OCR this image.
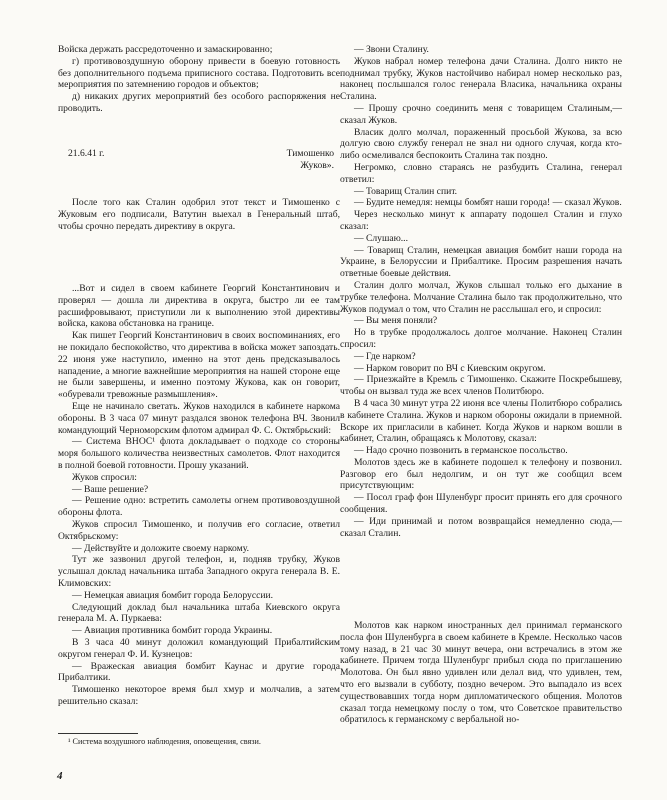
Войска держать рассредоточенно и замаскированно;

г) противовоздушную оборону привести в боевую готовность без дополнительного подъема приписного состава. Подготовить все мероприятия по затемнению городов и объектов;

д) никаких других мероприятий без особого распоряжения не проводить.

21.6.41 г.	Тимошенко
Жуков».

После того как Сталин одобрил этот текст и Тимошенко с Жуковым его подписали, Ватутин выехал в Генеральный штаб, чтобы срочно передать директиву в округа.

...Вот и сидел в своем кабинете Георгий Константинович и проверял — дошла ли директива в округа, быстро ли ее там расшифровывают, приступили ли к выполнению этой директивы войска, какова обстановка на границе.

Как пишет Георгий Константинович в своих воспоминаниях, его не покидало беспокойство, что директива в войска может запоздать. 22 июня уже наступило, именно на этот день предсказывалось нападение, а многие важнейшие мероприятия на нашей стороне еще не были завершены, и именно поэтому Жукова, как он говорит, «обуревали тревожные размышления».

Еще не начинало светать. Жуков находился в кабинете наркома обороны. В 3 часа 07 минут раздался звонок телефона ВЧ. Звонил командующий Черноморским флотом адмирал Ф. С. Октябрьский:

— Система ВНОС¹ флота докладывает о подходе со стороны моря большого количества неизвестных самолетов. Флот находится в полной боевой готовности. Прошу указаний.

Жуков спросил:

— Ваше решение?

— Решение одно: встретить самолеты огнем противовоздушной обороны флота.

Жуков спросил Тимошенко, и получив его согласие, ответил Октябрьскому:

— Действуйте и доложите своему наркому.

Тут же зазвонил другой телефон, и, подняв трубку, Жуков услышал доклад начальника штаба Западного округа генерала В. Е. Климовских:

— Немецкая авиация бомбит города Белоруссии.

Следующий доклад был начальника штаба Киевского округа генерала М. А. Пуркаева:

— Авиация противника бомбит города Украины.

В 3 часа 40 минут доложил командующий Прибалтийским округом генерал Ф. И. Кузнецов:

— Вражеская авиация бомбит Каунас и другие города Прибалтики.

Тимошенко некоторое время был хмур и молчалив, а затем решительно сказал:

¹ Система воздушного наблюдения, оповещения, связи.

— Звони Сталину.

Жуков набрал номер телефона дачи Сталина. Долго никто не поднимал трубку, Жуков настойчиво набирал номер несколько раз, наконец послышался голос генерала Власика, начальника охраны Сталина.

— Прошу срочно соединить меня с товарищем Сталиным,— сказал Жуков.

Власик долго молчал, пораженный просьбой Жукова, за всю долгую свою службу генерал не знал ни одного случая, когда кто-либо осмеливался беспокоить Сталина так поздно.

Негромко, словно стараясь не разбудить Сталина, генерал ответил:

— Товарищ Сталин спит.

— Будите немедля: немцы бомбят наши города! — сказал Жуков.

Через несколько минут к аппарату подошел Сталин и глухо сказал:

— Слушаю...

— Товарищ Сталин, немецкая авиация бомбит наши города на Украине, в Белоруссии и Прибалтике. Просим разрешения начать ответные боевые действия.

Сталин долго молчал, Жуков слышал только его дыхание в трубке телефона. Молчание Сталина было так продолжительно, что Жуков подумал о том, что Сталин не расслышал его, и спросил:

— Вы меня поняли?

Но в трубке продолжалось долгое молчание. Наконец Сталин спросил:

— Где нарком?

— Нарком говорит по ВЧ с Киевским округом.

— Приезжайте в Кремль с Тимошенко. Скажите Поскребышеву, чтобы он вызвал туда же всех членов Политбюро.

В 4 часа 30 минут утра 22 июня все члены Политбюро собрались в кабинете Сталина. Жуков и нарком обороны ожидали в приемной. Вскоре их пригласили в кабинет. Когда Жуков и нарком вошли в кабинет, Сталин, обращаясь к Молотову, сказал:

— Надо срочно позвонить в германское посольство.

Молотов здесь же в кабинете подошел к телефону и позвонил. Разговор его был недолгим, и он тут же сообщил всем присутствующим:

— Посол граф фон Шуленбург просит принять его для срочного сообщения.

— Иди принимай и потом возвращайся немедленно сюда,— сказал Сталин.

Молотов как нарком иностранных дел принимал германского посла фон Шуленбурга в своем кабинете в Кремле. Несколько часов тому назад, в 21 час 30 минут вечера, они встречались в этом же кабинете. Причем тогда Шуленбург прибыл сюда по приглашению Молотова. Он был явно удивлен или делал вид, что удивлен, тем, что его вызвали в субботу, поздно вечером. Это выпадало из всех существовавших тогда норм дипломатического общения. Молотов сказал тогда немецкому послу о том, что Советское правительство обратилось к германскому с вербальной но-

4
